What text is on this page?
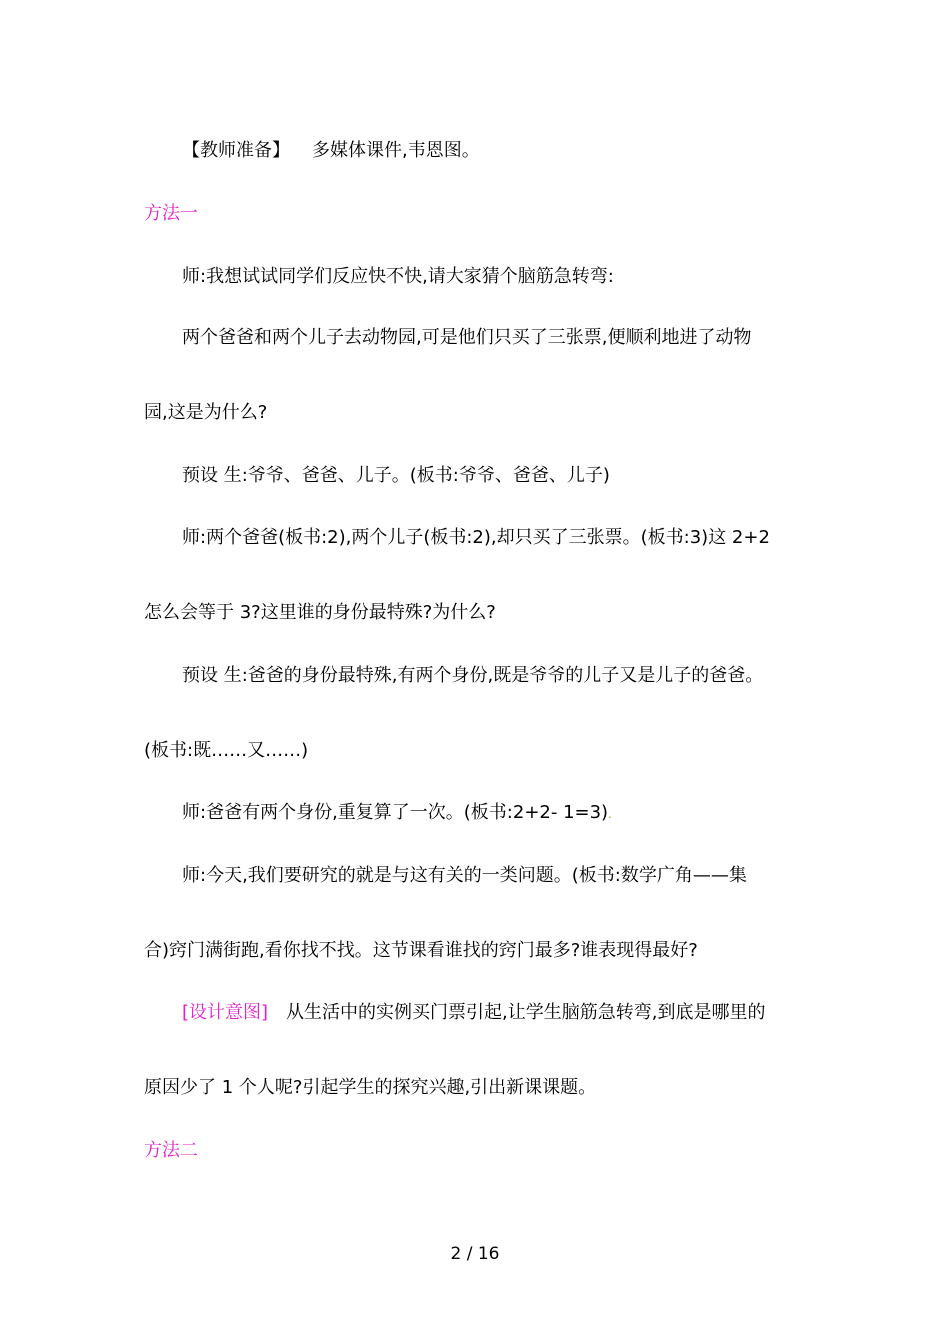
【教师准备】 多媒体课件,韦恩图。
方法一
师:我想试试同学们反应快不快,请大家猜个脑筋急转弯:
两个爸爸和两个儿子去动物园,可是他们只买了三张票,便顺利地进了动物
园,这是为什么?
预设 生:爷爷、爸爸、儿子。(板书:爷爷、爸爸、儿子)
师:两个爸爸(板书:2),两个儿子(板书:2),却只买了三张票。(板书:3)这 2+2
怎么会等于 3?这里谁的身份最特殊?为什么?
预设 生:爸爸的身份最特殊,有两个身份,既是爷爷的儿子又是儿子的爸爸。
(板书:既……又……)
师:爸爸有两个身份,重复算了一次。(板书:2+2- 1=3).
师:今天,我们要研究的就是与这有关的一类问题。(板书:数学广角——集
合)窍门满街跑,看你找不找。这节课看谁找的窍门最多?谁表现得最好?
[设计意图] 从生活中的实例买门票引起,让学生脑筋急转弯,到底是哪里的
原因少了 1 个人呢?引起学生的探究兴趣,引出新课课题。
方法二
2 / 16
